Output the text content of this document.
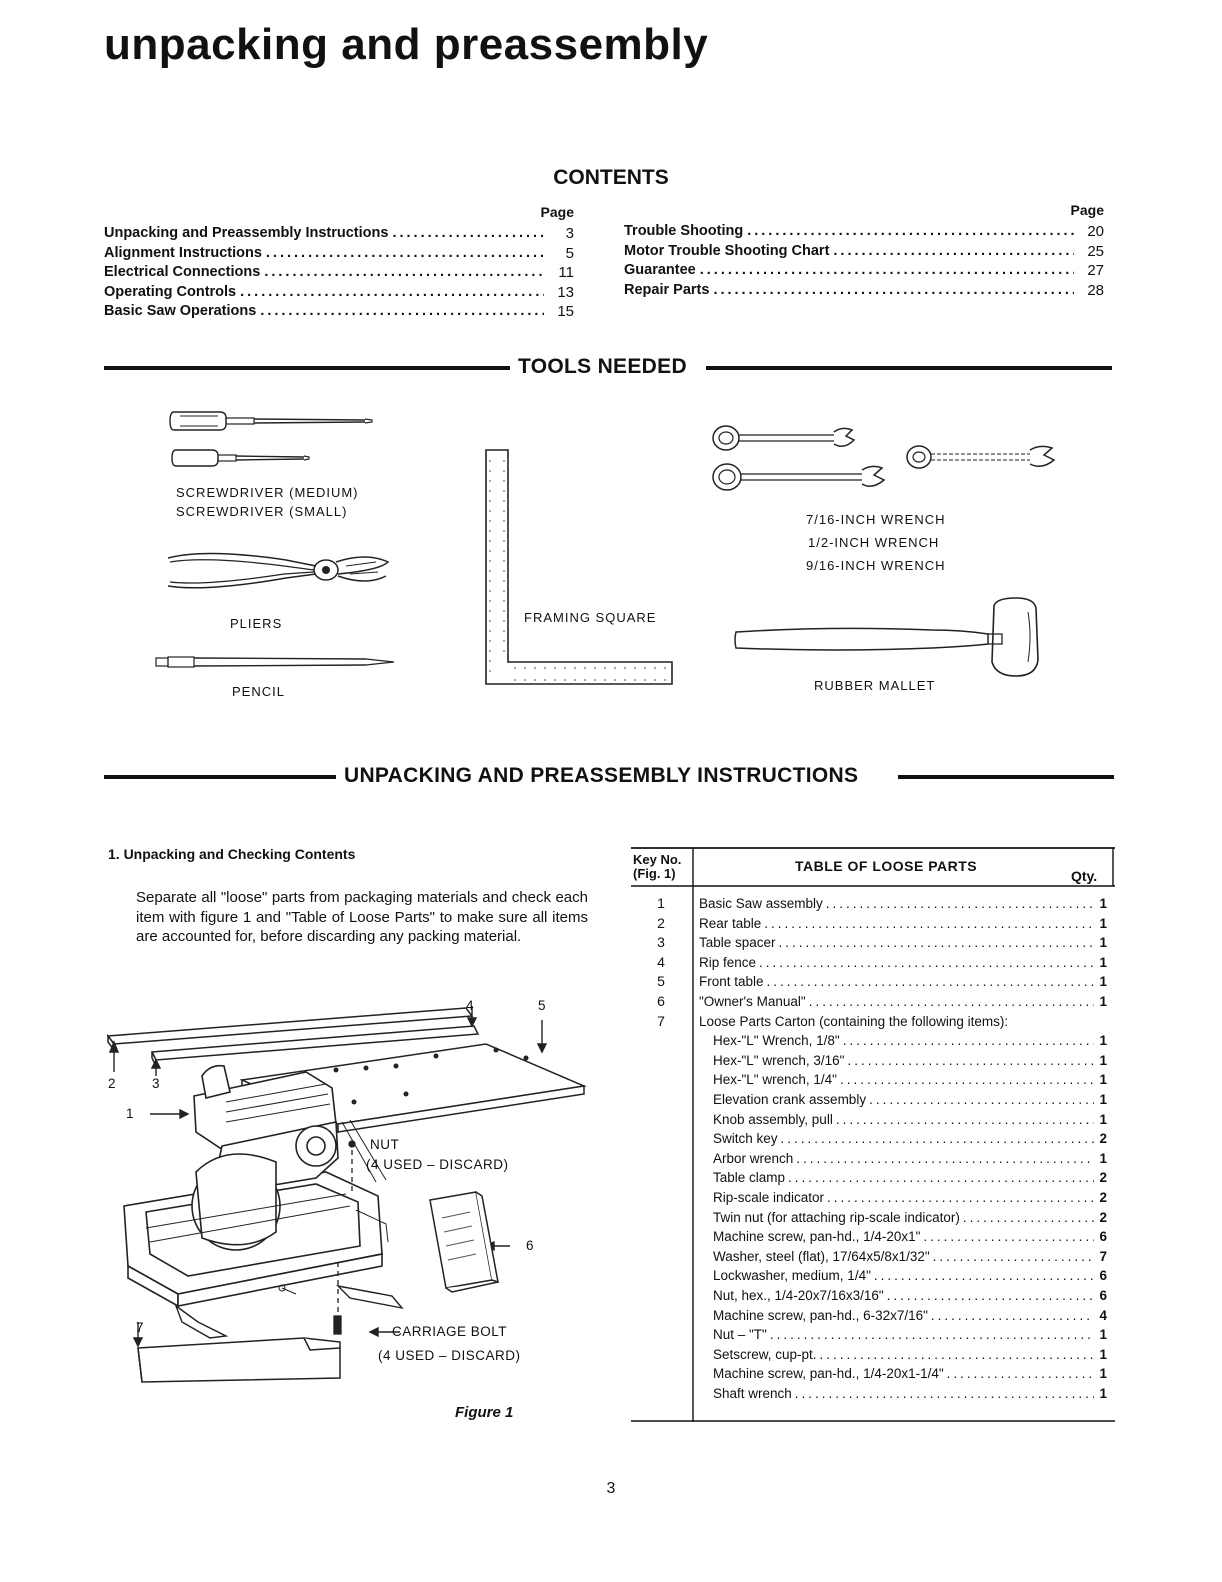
unpacking and preassembly
CONTENTS
Page
Unpacking and Preassembly Instructions .....	3
Alignment Instructions .....	5
Electrical Connections .....	11
Operating Controls .....	13
Basic Saw Operations .....	15
Page
Trouble Shooting .....	20
Motor Trouble Shooting Chart .....	25
Guarantee .....	27
Repair Parts .....	28
TOOLS NEEDED
SCREWDRIVER (MEDIUM)
SCREWDRIVER (SMALL)
PLIERS
PENCIL
FRAMING SQUARE
7/16-INCH WRENCH
1/2-INCH WRENCH
9/16-INCH WRENCH
RUBBER MALLET
UNPACKING AND PREASSEMBLY INSTRUCTIONS
1. Unpacking and Checking Contents
Separate all "loose" parts from packaging materials and check each item with figure 1 and "Table of Loose Parts" to make sure all items are accounted for, before discarding any packing material.
1
2	3
4	5
6
7
NUT
(4 USED – DISCARD)
CARRIAGE BOLT
(4 USED – DISCARD)
Figure 1
Key No.
(Fig. 1)	TABLE OF LOOSE PARTS
Qty.
1	Basic Saw assembly .....	1
2	Rear table .....	1
3	Table spacer .....	1
4	Rip fence .....	1
5	Front table .....	1
6	"Owner's Manual" .....	1
7	Loose Parts Carton (containing the following items):
Hex-"L" Wrench, 1/8" .....	1
Hex-"L" wrench, 3/16" .....	1
Hex-"L" wrench, 1/4" .....	1
Elevation crank assembly .....	1
Knob assembly, pull .....	1
Switch key .....	2
Arbor wrench .....	1
Table clamp .....	2
Rip-scale indicator .....	2
Twin nut (for attaching rip-scale indicator) .....	2
Machine screw, pan-hd., 1/4-20x1" .....	6
Washer, steel (flat), 17/64x5/8x1/32" .....	7
Lockwasher, medium, 1/4" .....	6
Nut, hex., 1/4-20x7/16x3/16" .....	6
Machine screw, pan-hd., 6-32x7/16" .....	4
Nut – "T" .....	1
Setscrew, cup-pt. .....	1
Machine screw, pan-hd., 1/4-20x1-1/4" .....	1
Shaft wrench .....	1
3
